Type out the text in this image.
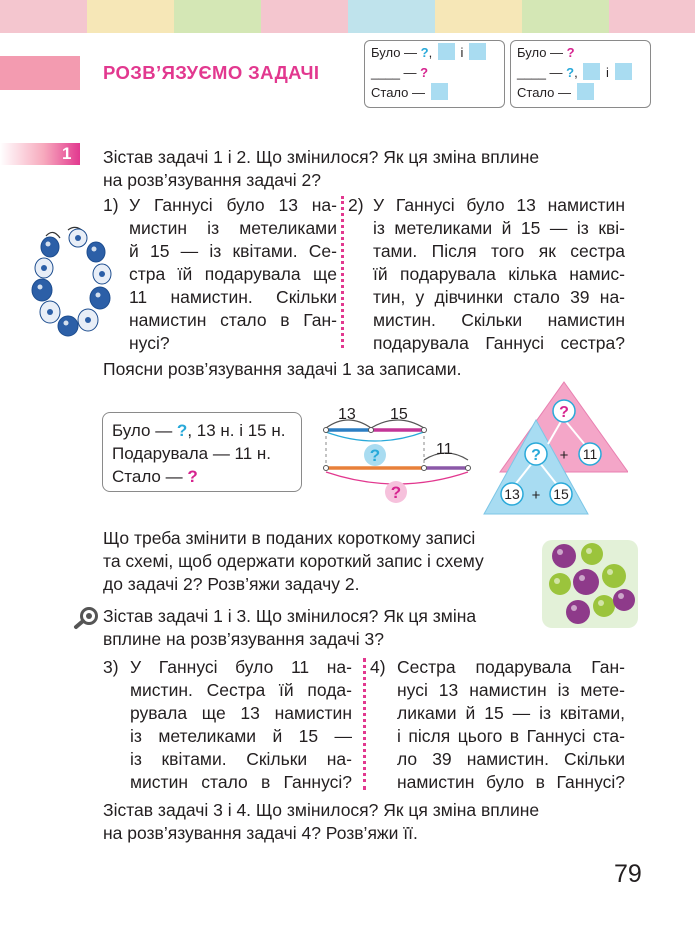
РОЗВ’ЯЗУЄМО ЗАДАЧІ
Було — ?, і
____ — ?
Стало —
Було — ?
____ — ?, і
Стало —
1 Зістав задачі 1 і 2. Що змінилося? Як ця зміна вплине
на розв’язування задачі 2?
1) У Ганнусі було 13 на-
мистин із метеликами
й 15 — із квітами. Се-
стра їй подарувала ще
11 намистин. Скільки
намистин стало в Ган-
нусі?
2) У Ганнусі було 13 намистин
із метеликами й 15 — із кві-
тами. Після того як сестра
їй подарувала кілька намис-
тин, у дівчинки стало 39 на-
мистин. Скільки намистин
подарувала Ганнусі сестра?
Поясни розв’язування задачі 1 за записами.
Було — ?, 13 н. і 15 н.
Подарувала — 11 н.
Стало — ?
13 15
11
?
?
?
? + 11
13 + 15
Що треба змінити в поданих короткому записі
та схемі, щоб одержати короткий запис і схему
до задачі 2? Розв’яжи задачу 2.
Зістав задачі 1 і 3. Що змінилося? Як ця зміна
вплине на розв’язування задачі 3?
3) У Ганнусі було 11 на-
мистин. Сестра їй пода-
рувала ще 13 намистин
із метеликами й 15 —
із квітами. Скільки на-
мистин стало в Ганнусі?
4) Сестра подарувала Ган-
нусі 13 намистин із мете-
ликами й 15 — із квітами,
і після цього в Ганнусі ста-
ло 39 намистин. Скільки
намистин було в Ганнусі?
Зістав задачі 3 і 4. Що змінилося? Як ця зміна вплине
на розв’язування задачі 4? Розв’яжи її.
79
